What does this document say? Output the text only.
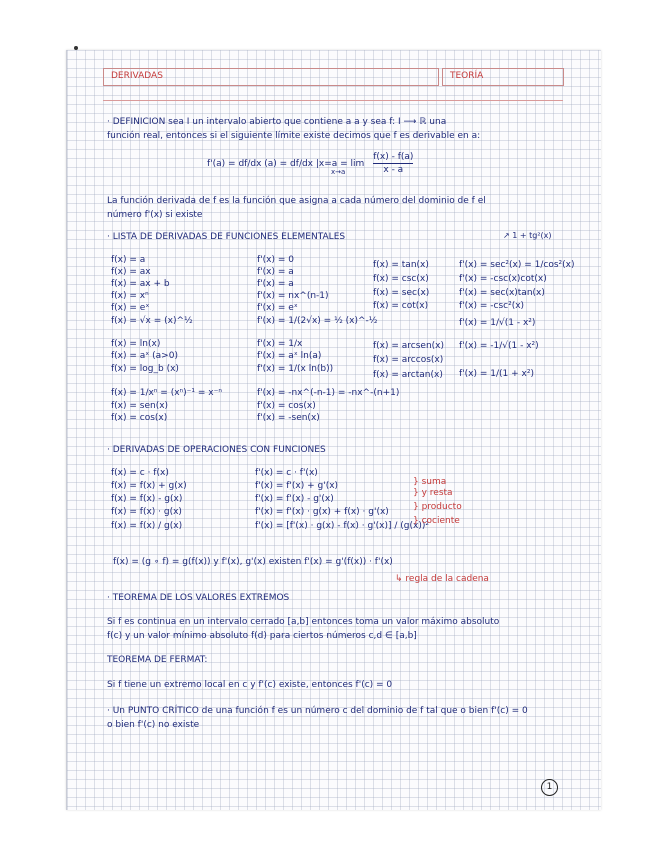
DERIVADAS	TEORÍA
· DEFINICION sea I un intervalo abierto que contiene a a y sea f: I ⟶ ℝ una
función real, entonces si el siguiente límite existe decimos que f es derivable en a:
f'(a) = df/dx (a) = df/dx $|x=a = \lim \frac{f(x) - f(a)}{x - a}$
x→a
La función derivada de f es la función que asigna a cada número del dominio de f el
número f'(x) si existe
· LISTA DE DERIVADAS DE FUNCIONES ELEMENTALES	↗ 1 + tg²(x)
f(x) = a
f(x) = ax
f(x) = ax + b
f(x) = xⁿ
f(x) = eˣ
f(x) = √x = (x)^½
f(x) = ln(x)
f(x) = aˣ (a>0)
f(x) = log_b (x)
f(x) = 1/xⁿ = (xⁿ)⁻¹ = x⁻ⁿ
f(x) = sen(x)
f(x) = cos(x)
f'(x) = 0
f'(x) = a
f'(x) = a
f'(x) = nx^(n-1)
f'(x) = eˣ
f'(x) = 1/(2√x) = ½ (x)^-½
f'(x) = 1/x
f'(x) = aˣ ln(a)
f'(x) = 1/(x ln(b))
f'(x) = -nx^(-n-1) = -nx^-(n+1)
f'(x) = cos(x)
f'(x) = -sen(x)
f(x) = tan(x)
f(x) = csc(x)
f(x) = sec(x)
f(x) = cot(x)
f(x) = arcsen(x)
f(x) = arccos(x)
f(x) = arctan(x)
f'(x) = sec²(x) = 1/cos²(x)
f'(x) = -csc(x)cot(x)
f'(x) = sec(x)tan(x)
f'(x) = -csc²(x)
f'(x) = 1/√(1 - x²)
f'(x) = -1/√(1 - x²)
f'(x) = 1/(1 + x²)
· DERIVADAS DE OPERACIONES CON FUNCIONES
f(x) = c · f(x)
f(x) = f(x) + g(x)
f(x) = f(x) - g(x)
f(x) = f(x) · g(x)
f(x) = f(x) / g(x)
f'(x) = c · f'(x)
f'(x) = f'(x) + g'(x)
f'(x) = f'(x) - g'(x)
f'(x) = f'(x) · g(x) + f(x) · g'(x)
f'(x) = [f'(x) · g(x) - f(x) · g'(x)] / (g(x))²
} suma
} y resta
} producto
} cociente
f(x) = (g ∘ f) = g(f(x)) y f'(x), g'(x) existen f'(x) = g'(f(x)) · f'(x)
↳ regla de la cadena
· TEOREMA DE LOS VALORES EXTREMOS
Si f es continua en un intervalo cerrado [a,b] entonces toma un valor máximo absoluto
f(c) y un valor mínimo absoluto f(d) para ciertos números c,d ∈ [a,b]
TEOREMA DE FERMAT:
Si f tiene un extremo local en c y f'(c) existe, entonces f'(c) = 0
· Un PUNTO CRÍTICO de una función f es un número c del dominio de f tal que o bien f'(c) = 0
o bien f'(c) no existe
1
